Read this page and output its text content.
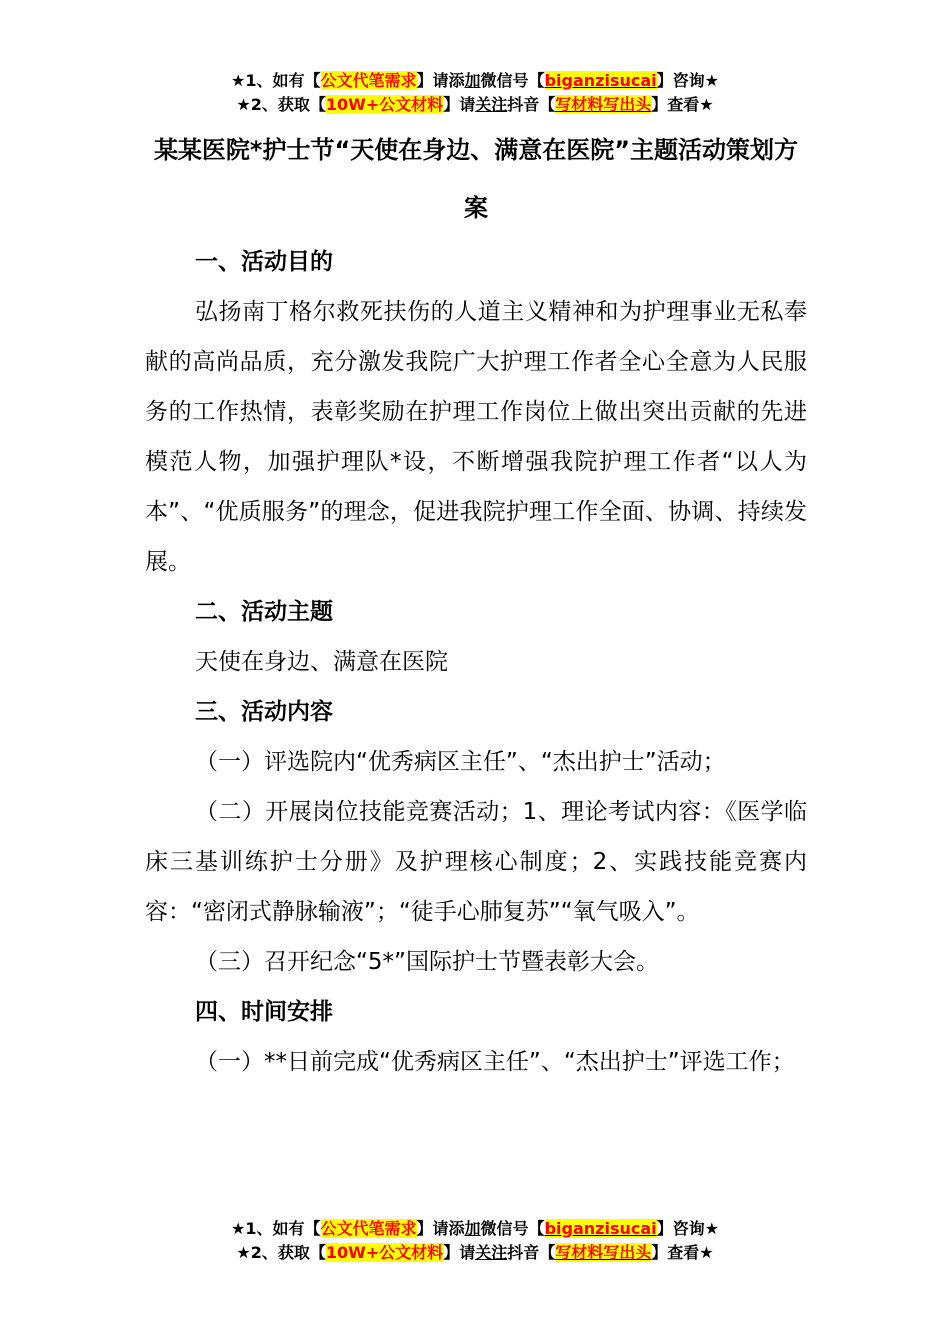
★1、如有【公文代笔需求】请添加微信号【biganzisucai】咨询★
★2、获取【10W+公文材料】请关注抖音【写材料写出头】查看★

某某医院*护士节“天使在身边、满意在医院”主题活动策划方案

一、活动目的

弘扬南丁格尔救死扶伤的人道主义精神和为护理事业无私奉献的高尚品质，充分激发我院广大护理工作者全心全意为人民服务的工作热情，表彰奖励在护理工作岗位上做出突出贡献的先进模范人物，加强护理队*设，不断增强我院护理工作者“以人为本”、“优质服务”的理念，促进我院护理工作全面、协调、持续发展。

二、活动主题

天使在身边、满意在医院

三、活动内容

（一）评选院内“优秀病区主任”、“杰出护士”活动；

（二）开展岗位技能竞赛活动；1、理论考试内容：《医学临床三基训练护士分册》及护理核心制度；2、实践技能竞赛内容：“密闭式静脉输液”；“徒手心肺复苏”“氧气吸入”。

（三）召开纪念“5*”国际护士节暨表彰大会。

四、时间安排

（一）**日前完成“优秀病区主任”、“杰出护士”评选工作；

★1、如有【公文代笔需求】请添加微信号【biganzisucai】咨询★
★2、获取【10W+公文材料】请关注抖音【写材料写出头】查看★
